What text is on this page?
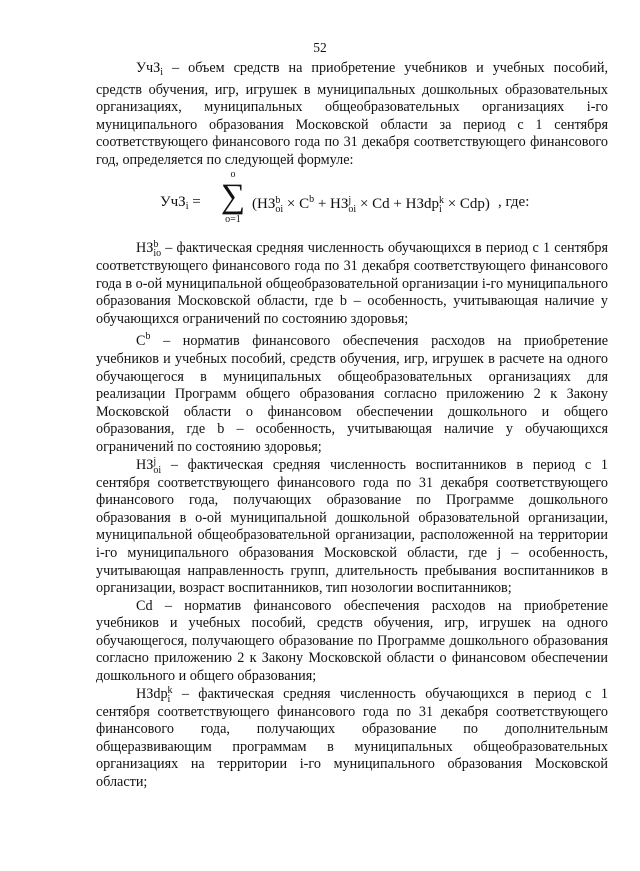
52

УчЗ$_i$ – объем средств на приобретение учебников и учебных пособий, средств обучения, игр, игрушек в муниципальных дошкольных образовательных организациях, муниципальных общеобразовательных организациях i-го муниципального образования Московской области за период с 1 сентября соответствующего финансового года по 31 декабря соответствующего финансового год, определяется по следующей формуле:

УчЗ$_i$ =
o
∑
o=1
(НЗ b
oi × $C^b$ + НЗ j
oi × Cd + НЗdp k
i × Cdp) , где:

НЗ b
io – фактическая средняя численность обучающихся в период с 1 сентября соответствующего финансового года по 31 декабря соответствующего финансового года в о-ой муниципальной общеобразовательной организации i-го муниципального образования Московской области, где b – особенность, учитывающая наличие у обучающихся ограничений по состоянию здоровья;

$C^b$ – норматив финансового обеспечения расходов на приобретение учебников и учебных пособий, средств обучения, игр, игрушек в расчете на одного обучающегося в муниципальных общеобразовательных организациях для реализации Программ общего образования согласно приложению 2 к Закону Московской области о финансовом обеспечении дошкольного и общего образования, где b – особенность, учитывающая наличие у обучающихся ограничений по состоянию здоровья;

НЗ j
oi – фактическая средняя численность воспитанников в период с 1 сентября соответствующего финансового года по 31 декабря соответствующего финансового года, получающих образование по Программе дошкольного образования в о-ой муниципальной дошкольной образовательной организации, муниципальной общеобразовательной организации, расположенной на территории i-го муниципального образования Московской области, где j – особенность, учитывающая направленность групп, длительность пребывания воспитанников в организации, возраст воспитанников, тип нозологии воспитанников;

Cd – норматив финансового обеспечения расходов на приобретение учебников и учебных пособий, средств обучения, игр, игрушек на одного обучающегося, получающего образование по Программе дошкольного образования согласно приложению 2 к Закону Московской области о финансовом обеспечении дошкольного и общего образования;

НЗdp k
i – фактическая средняя численность обучающихся в период с 1 сентября соответствующего финансового года по 31 декабря соответствующего финансового года, получающих образование по дополнительным общеразвивающим программам в муниципальных общеобразовательных организациях на территории i-го муниципального образования Московской области;
